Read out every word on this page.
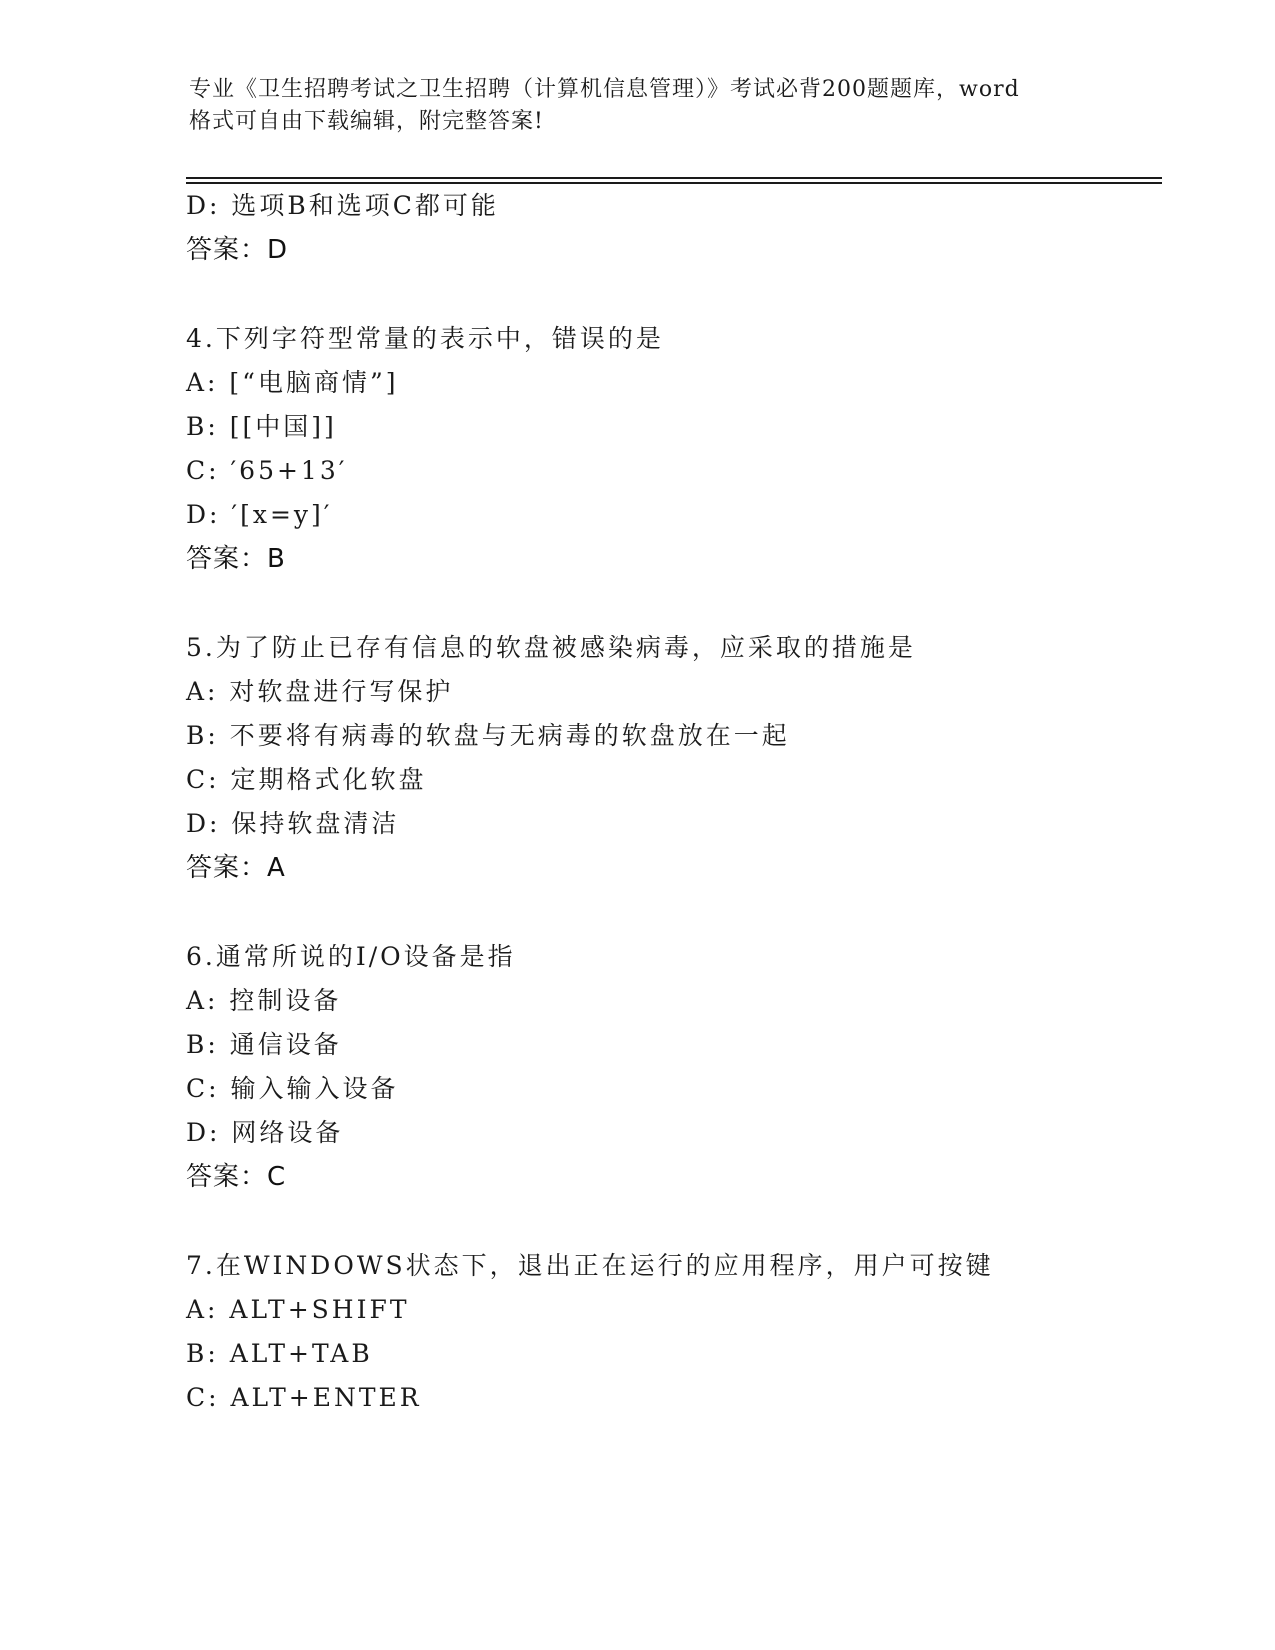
专业《卫生招聘考试之卫生招聘（计算机信息管理）》考试必背200题题库，word
格式可自由下载编辑，附完整答案!
D: 选项B和选项C都可能
答案：D
4.下列字符型常量的表示中，错误的是
A: [“电脑商情”]
B: [[中国]]
C: ′65+13′
D: ′[x=y]′
答案：B
5.为了防止已存有信息的软盘被感染病毒，应采取的措施是
A: 对软盘进行写保护
B: 不要将有病毒的软盘与无病毒的软盘放在一起
C: 定期格式化软盘
D: 保持软盘清洁
答案：A
6.通常所说的I/O设备是指
A: 控制设备
B: 通信设备
C: 输入输入设备
D: 网络设备
答案：C
7.在WINDOWS状态下，退出正在运行的应用程序，用户可按键
A: ALT+SHIFT
B: ALT+TAB
C: ALT+ENTER
